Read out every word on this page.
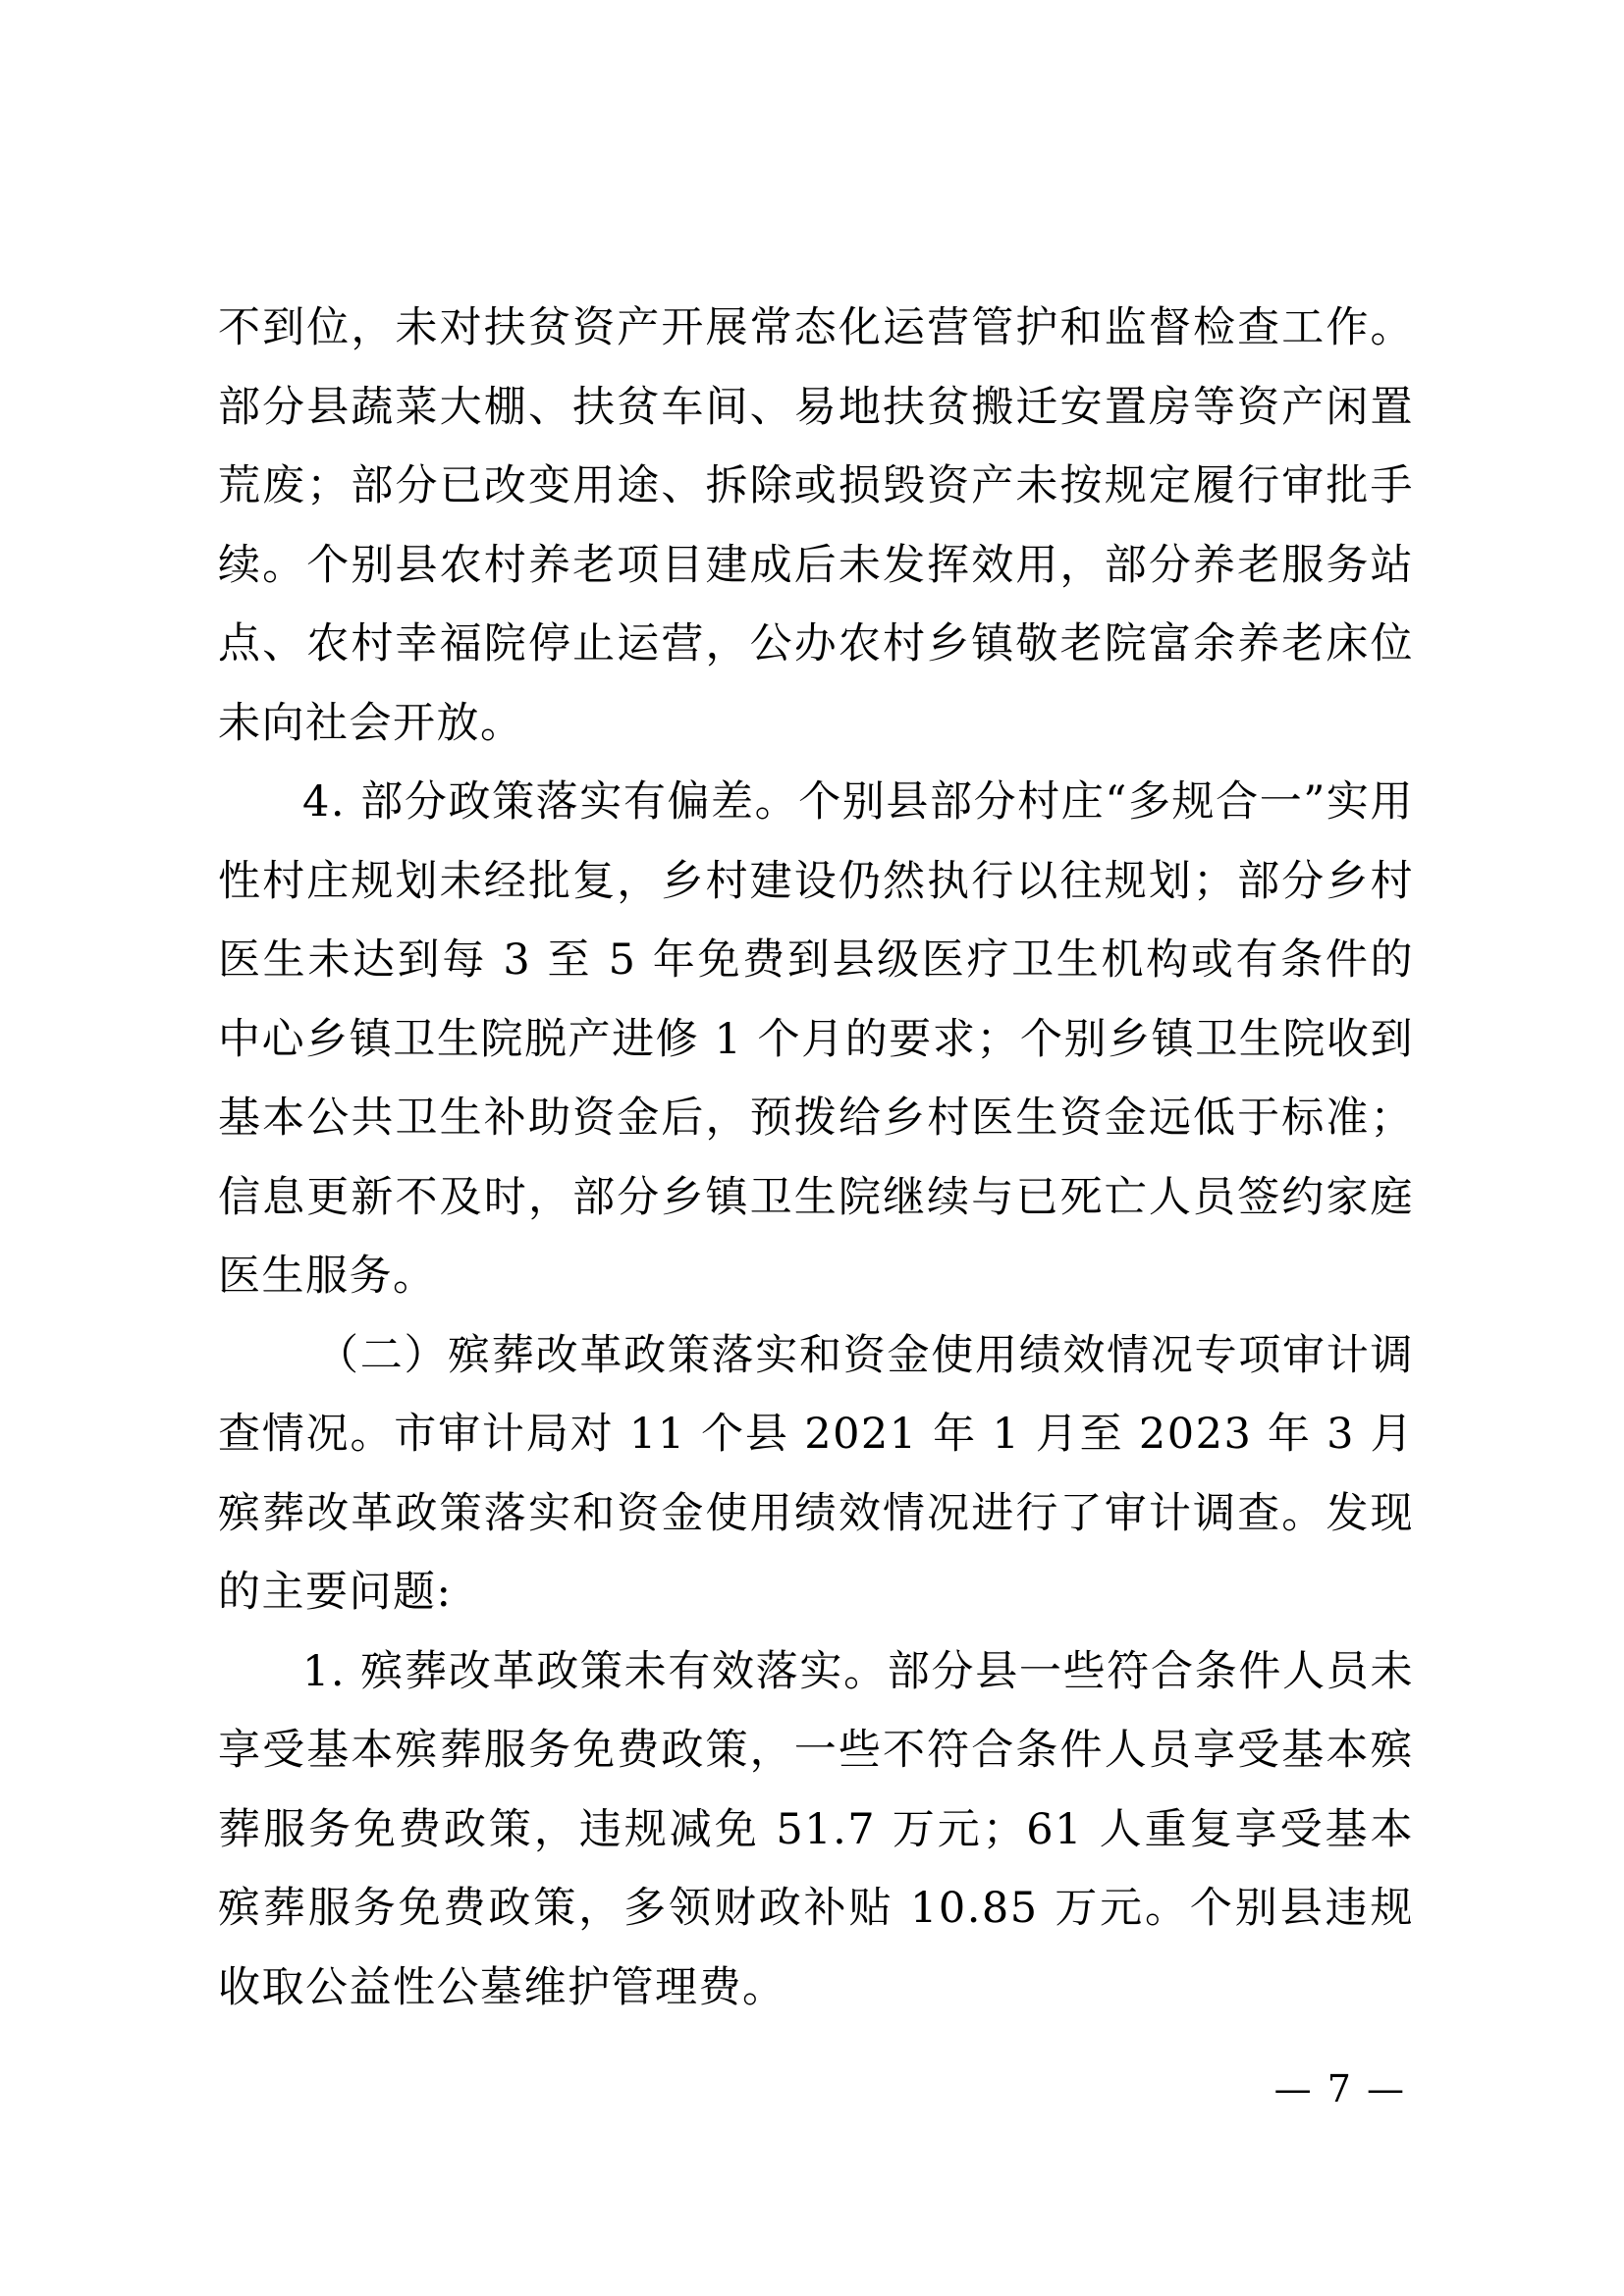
不到位，未对扶贫资产开展常态化运营管护和监督检查工作。部分县蔬菜大棚、扶贫车间、易地扶贫搬迁安置房等资产闲置荒废；部分已改变用途、拆除或损毁资产未按规定履行审批手续。个别县农村养老项目建成后未发挥效用，部分养老服务站点、农村幸福院停止运营，公办农村乡镇敬老院富余养老床位未向社会开放。

4. 部分政策落实有偏差。个别县部分村庄“多规合一”实用性村庄规划未经批复，乡村建设仍然执行以往规划；部分乡村医生未达到每 3 至 5 年免费到县级医疗卫生机构或有条件的中心乡镇卫生院脱产进修 1 个月的要求；个别乡镇卫生院收到基本公共卫生补助资金后，预拨给乡村医生资金远低于标准；信息更新不及时，部分乡镇卫生院继续与已死亡人员签约家庭医生服务。

（二）殡葬改革政策落实和资金使用绩效情况专项审计调查情况。市审计局对 11 个县 2021 年 1 月至 2023 年 3 月殡葬改革政策落实和资金使用绩效情况进行了审计调查。发现的主要问题:

1. 殡葬改革政策未有效落实。部分县一些符合条件人员未享受基本殡葬服务免费政策，一些不符合条件人员享受基本殡葬服务免费政策，违规减免 51.7 万元；61 人重复享受基本殡葬服务免费政策，多领财政补贴 10.85 万元。个别县违规收取公益性公墓维护管理费。

— 7 —
